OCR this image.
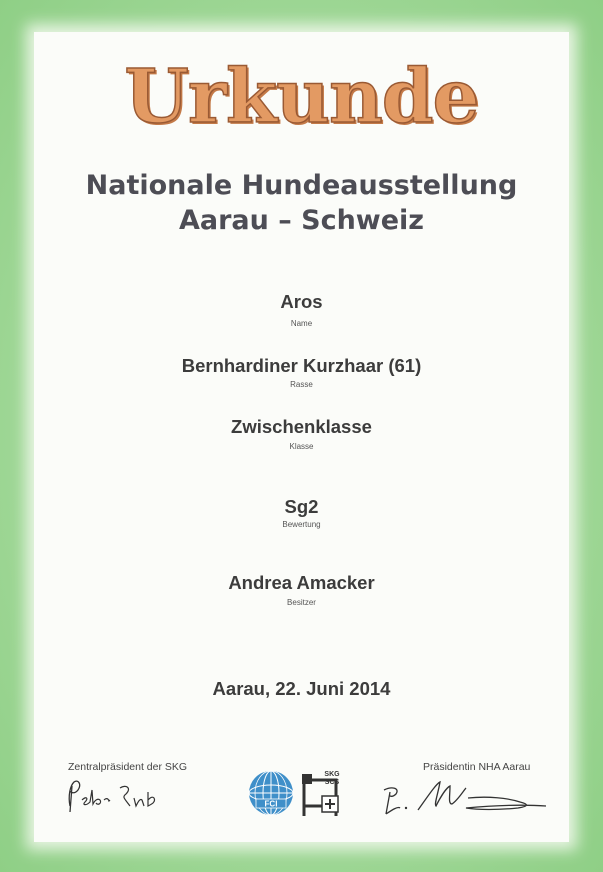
Urkunde
Nationale Hundeausstellung
Aarau – Schweiz
Aros
Name
Bernhardiner Kurzhaar (61)
Rasse
Zwischenklasse
Klasse
Sg2
Bewertung
Andrea Amacker
Besitzer
Aarau, 22. Juni 2014
Zentralpräsident der SKG	Präsidentin NHA Aarau
FCI
SKG
SCS
